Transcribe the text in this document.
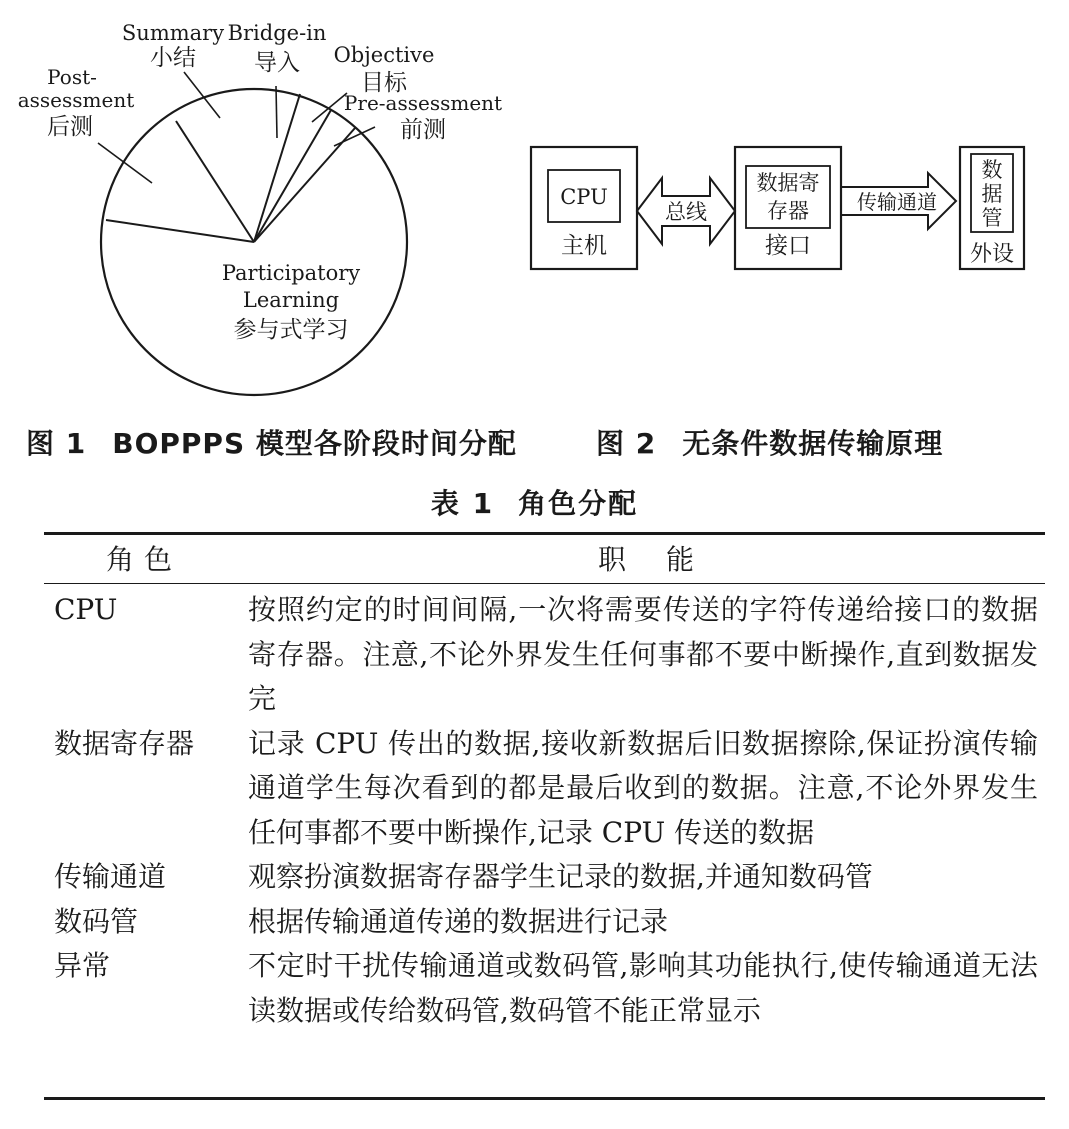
Summary
小结
Bridge-in
导入 Objective
目标
Pre-assessment
前测
Post-
assessment
后测
Participatory
Learning
参与式学习
CPU
主机
总线
数据寄
存器
接口
传输通道
数
据
管
外设
图 1 BOPPPS 模型各阶段时间分配	图 2 无条件数据传输原理
表 1 角色分配
角色	职能
CPU	按照约定的时间间隔,一次将需要传送的字符传递给接口的数据寄存器。注意,不论外界发生任何事都不要中断操作,直到数据发完
数据寄存器	记录 CPU 传出的数据,接收新数据后旧数据擦除,保证扮演传输通道学生每次看到的都是最后收到的数据。注意,不论外界发生任何事都不要中断操作,记录 CPU 传送的数据
传输通道	观察扮演数据寄存器学生记录的数据,并通知数码管
数码管	根据传输通道传递的数据进行记录
异常	不定时干扰传输通道或数码管,影响其功能执行,使传输通道无法读数据或传给数码管,数码管不能正常显示
